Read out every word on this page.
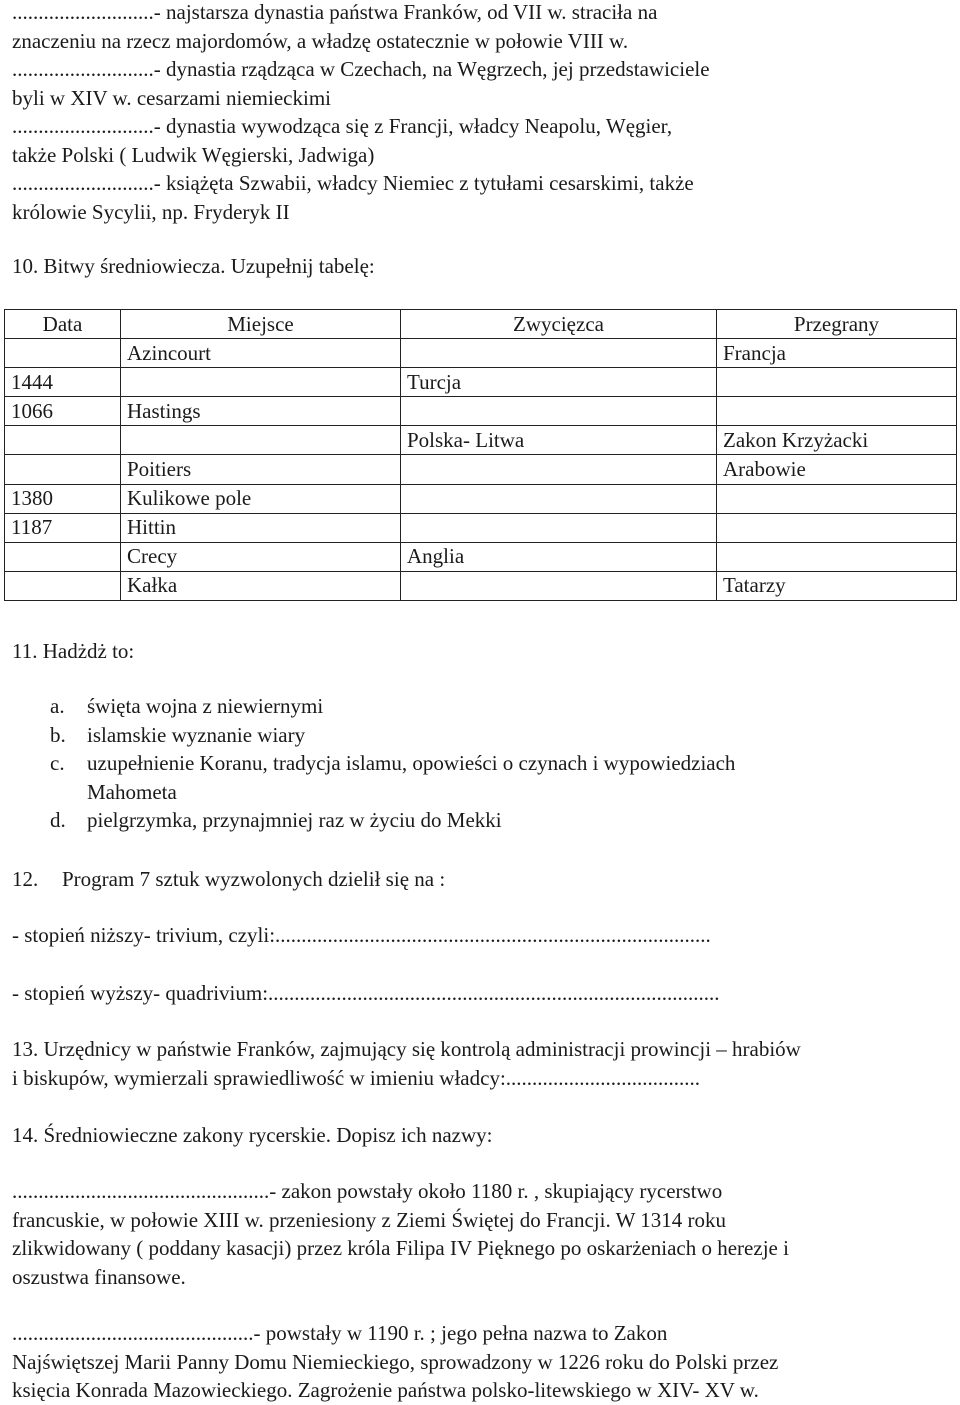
...........................- najstarsza dynastia państwa Franków, od VII w. straciła na
znaczeniu na rzecz majordomów, a władzę ostatecznie w połowie VIII w.
...........................- dynastia rządząca w Czechach, na Węgrzech, jej przedstawiciele
byli w XIV w. cesarzami niemieckimi
...........................- dynastia wywodząca się z Francji, władcy Neapolu, Węgier,
także Polski ( Ludwik Węgierski, Jadwiga)
...........................- książęta Szwabii, władcy Niemiec z tytułami cesarskimi, także
królowie Sycylii, np. Fryderyk II
10. Bitwy średniowiecza. Uzupełnij tabelę:
Data	Miejsce	Zwycięzca	Przegrany
	Azincourt		Francja
1444		Turcja	
1066	Hastings		
		Polska- Litwa	Zakon Krzyżacki
	Poitiers		Arabowie
1380	Kulikowe pole		
1187	Hittin		
	Crecy	Anglia	
	Kałka		Tatarzy
11. Hadżdż to:
a. święta wojna z niewiernymi
b. islamskie wyznanie wiary
c. uzupełnienie Koranu, tradycja islamu, opowieści o czynach i wypowiedziach
Mahometa
d. pielgrzymka, przynajmniej raz w życiu do Mekki
12. Program 7 sztuk wyzwolonych dzielił się na :
- stopień niższy- trivium, czyli:...................................................................................
- stopień wyższy- quadrivium:......................................................................................
13. Urzędnicy w państwie Franków, zajmujący się kontrolą administracji prowincji – hrabiów
i biskupów, wymierzali sprawiedliwość w imieniu władcy:.....................................
14. Średniowieczne zakony rycerskie. Dopisz ich nazwy:
.................................................- zakon powstały około 1180 r. , skupiający rycerstwo
francuskie, w połowie XIII w. przeniesiony z Ziemi Świętej do Francji. W 1314 roku
zlikwidowany ( poddany kasacji) przez króla Filipa IV Pięknego po oskarżeniach o herezje i
oszustwa finansowe.
..............................................- powstały w 1190 r. ; jego pełna nazwa to Zakon
Najświętszej Marii Panny Domu Niemieckiego, sprowadzony w 1226 roku do Polski przez
księcia Konrada Mazowieckiego. Zagrożenie państwa polsko-litewskiego w XIV- XV w.
